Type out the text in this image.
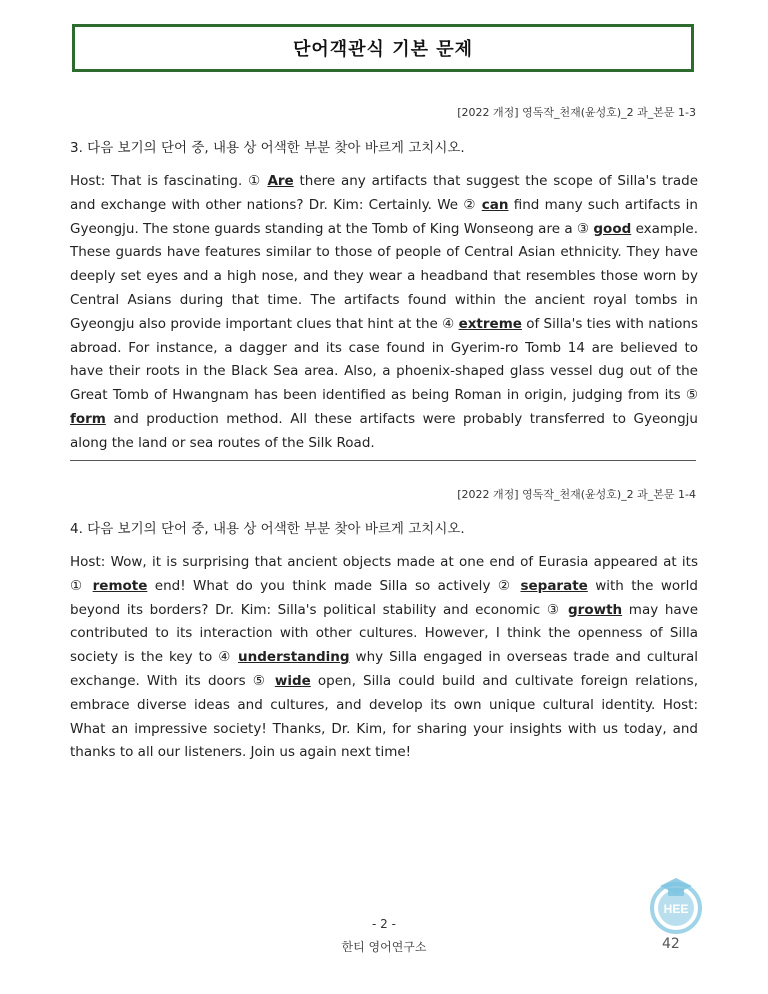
단어객관식 기본 문제
[2022 개정] 영독작_천재(윤성호)_2 과_본문 1-3
3. 다음 보기의 단어 중, 내용 상 어색한 부분 찾아 바르게 고치시오.
Host: That is fascinating. ① Are there any artifacts that suggest the scope of Silla's trade and exchange with other nations? Dr. Kim: Certainly. We ② can find many such artifacts in Gyeongju. The stone guards standing at the Tomb of King Wonseong are a ③ good example. These guards have features similar to those of people of Central Asian ethnicity. They have deeply set eyes and a high nose, and they wear a headband that resembles those worn by Central Asians during that time. The artifacts found within the ancient royal tombs in Gyeongju also provide important clues that hint at the ④ extreme of Silla's ties with nations abroad. For instance, a dagger and its case found in Gyerim-ro Tomb 14 are believed to have their roots in the Black Sea area. Also, a phoenix-shaped glass vessel dug out of the Great Tomb of Hwangnam has been identified as being Roman in origin, judging from its ⑤ form and production method. All these artifacts were probably transferred to Gyeongju along the land or sea routes of the Silk Road.
[2022 개정] 영독작_천재(윤성호)_2 과_본문 1-4
4. 다음 보기의 단어 중, 내용 상 어색한 부분 찾아 바르게 고치시오.
Host: Wow, it is surprising that ancient objects made at one end of Eurasia appeared at its ① remote end! What do you think made Silla so actively ② separate with the world beyond its borders? Dr. Kim: Silla's political stability and economic ③ growth may have contributed to its interaction with other cultures. However, I think the openness of Silla society is the key to ④ understanding why Silla engaged in overseas trade and cultural exchange. With its doors ⑤ wide open, Silla could build and cultivate foreign relations, embrace diverse ideas and cultures, and develop its own unique cultural identity. Host: What an impressive society! Thanks, Dr. Kim, for sharing your insights with us today, and thanks to all our listeners. Join us again next time!
HEE
- 2 -
한티 영어연구소	42
